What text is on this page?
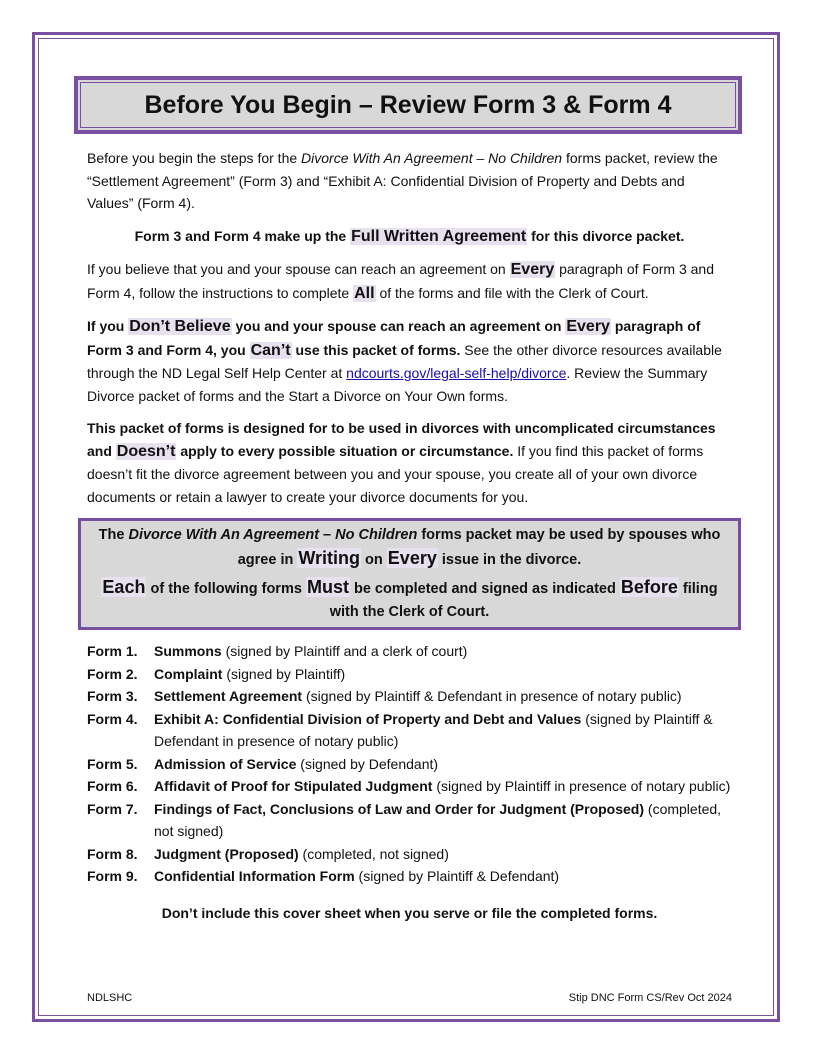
Before You Begin – Review Form 3 & Form 4

Before you begin the steps for the Divorce With An Agreement – No Children forms packet, review the “Settlement Agreement” (Form 3) and “Exhibit A: Confidential Division of Property and Debts and Values” (Form 4).

Form 3 and Form 4 make up the Full Written Agreement for this divorce packet.

If you believe that you and your spouse can reach an agreement on Every paragraph of Form 3 and Form 4, follow the instructions to complete All of the forms and file with the Clerk of Court.

If you Don’t Believe you and your spouse can reach an agreement on Every paragraph of Form 3 and Form 4, you Can’t use this packet of forms. See the other divorce resources available through the ND Legal Self Help Center at ndcourts.gov/legal-self-help/divorce. Review the Summary Divorce packet of forms and the Start a Divorce on Your Own forms.

This packet of forms is designed for to be used in divorces with uncomplicated circumstances and Doesn’t apply to every possible situation or circumstance. If you find this packet of forms doesn’t fit the divorce agreement between you and your spouse, you create all of your own divorce documents or retain a lawyer to create your divorce documents for you.

The Divorce With An Agreement – No Children forms packet may be used by spouses who agree in Writing on Every issue in the divorce.

Each of the following forms Must be completed and signed as indicated Before filing with the Clerk of Court.

Form 1.	Summons (signed by Plaintiff and a clerk of court)
Form 2.	Complaint (signed by Plaintiff)
Form 3.	Settlement Agreement (signed by Plaintiff & Defendant in presence of notary public)
Form 4.	Exhibit A: Confidential Division of Property and Debt and Values (signed by Plaintiff & Defendant in presence of notary public)
Form 5.	Admission of Service (signed by Defendant)
Form 6.	Affidavit of Proof for Stipulated Judgment (signed by Plaintiff in presence of notary public)
Form 7.	Findings of Fact, Conclusions of Law and Order for Judgment (Proposed) (completed, not signed)
Form 8.	Judgment (Proposed) (completed, not signed)
Form 9.	Confidential Information Form (signed by Plaintiff & Defendant)
Don’t include this cover sheet when you serve or file the completed forms.
NDLSHC	Stip DNC Form CS/Rev Oct 2024
